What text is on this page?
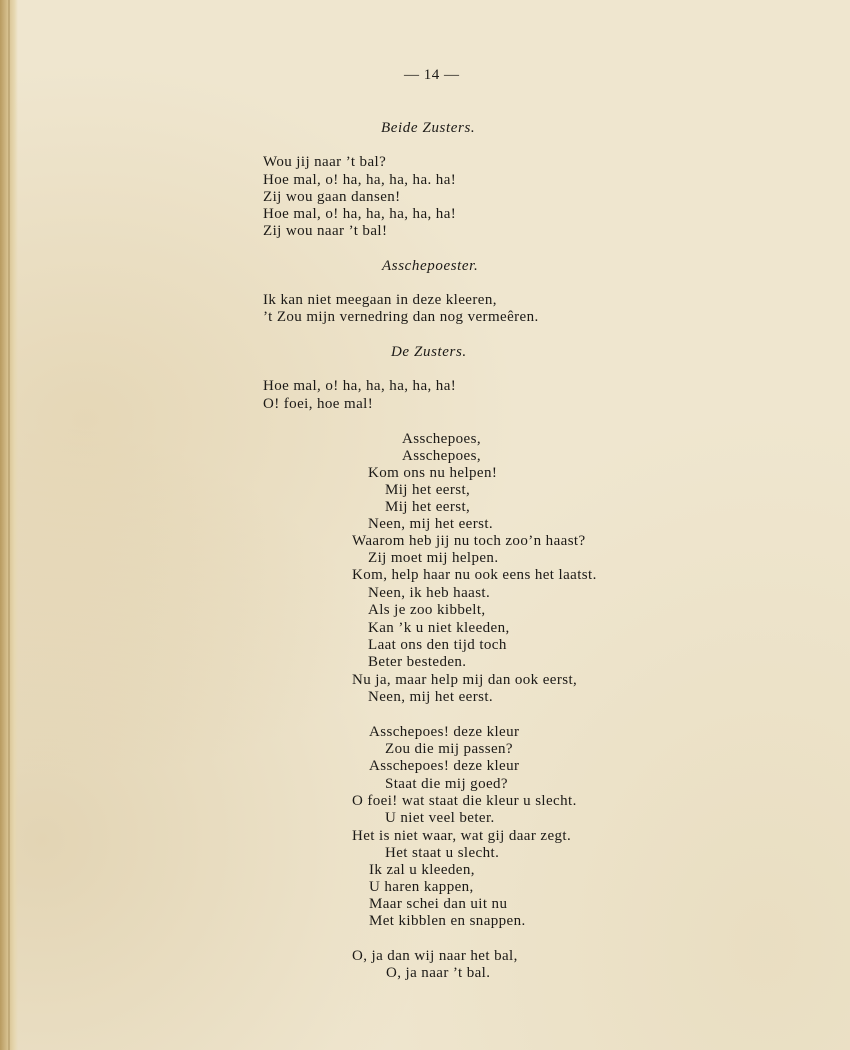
— 14 —
Beide Zusters.
Wou jij naar ’t bal?
Hoe mal, o! ha, ha, ha, ha. ha!
Zij wou gaan dansen!
Hoe mal, o! ha, ha, ha, ha, ha!
Zij wou naar ’t bal!
Asschepoester.
Ik kan niet meegaan in deze kleeren,
’t Zou mijn vernedring dan nog vermeêren.
De Zusters.
Hoe mal, o! ha, ha, ha, ha, ha!
O! foei, hoe mal!
Asschepoes,
Asschepoes,
Kom ons nu helpen!
Mij het eerst,
Mij het eerst,
Neen, mij het eerst.
Waarom heb jij nu toch zoo’n haast?
Zij moet mij helpen.
Kom, help haar nu ook eens het laatst.
Neen, ik heb haast.
Als je zoo kibbelt,
Kan ’k u niet kleeden,
Laat ons den tijd toch
Beter besteden.
Nu ja, maar help mij dan ook eerst,
Neen, mij het eerst.
Asschepoes! deze kleur
Zou die mij passen?
Asschepoes! deze kleur
Staat die mij goed?
O foei! wat staat die kleur u slecht.
U niet veel beter.
Het is niet waar, wat gij daar zegt.
Het staat u slecht.
Ik zal u kleeden,
U haren kappen,
Maar schei dan uit nu
Met kibblen en snappen.
O, ja dan wij naar het bal,
O, ja naar ’t bal.
